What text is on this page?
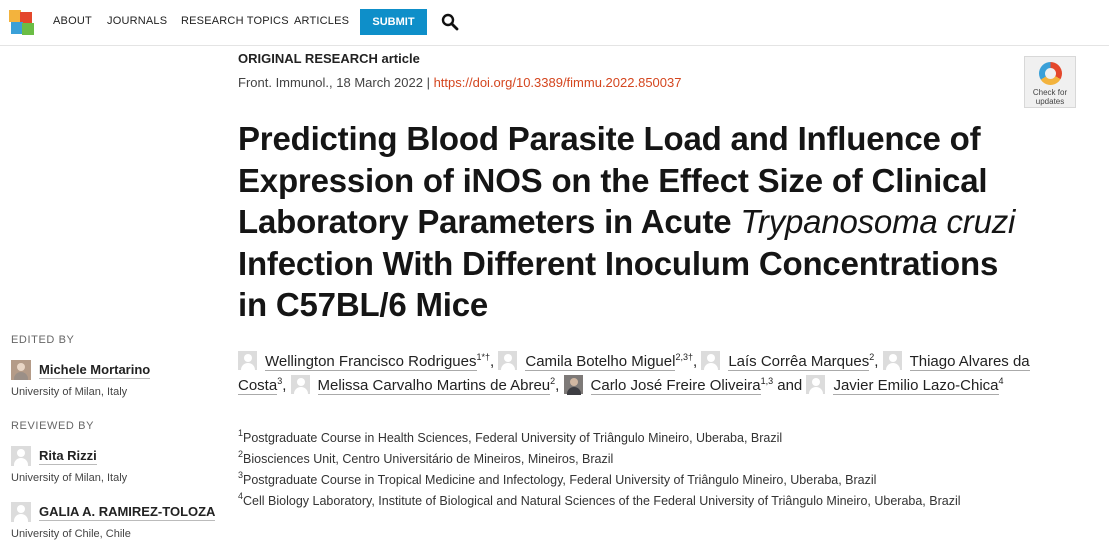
ABOUT JOURNALS RESEARCH TOPICS ARTICLES	SUBMIT
EDITED BY
Michele Mortarino
University of Milan, Italy
REVIEWED BY
Rita Rizzi
University of Milan, Italy
GALIA A. RAMIREZ-TOLOZA
University of Chile, Chile
ORIGINAL RESEARCH article
Front. Immunol., 18 March 2022 | https://doi.org/10.3389/fimmu.2022.850037
Check for updates
Predicting Blood Parasite Load and Influence of Expression of iNOS on the Effect Size of Clinical Laboratory Parameters in Acute Trypanosoma cruzi Infection With Different Inoculum Concentrations in C57BL/6 Mice
Wellington Francisco Rodrigues$^{1*\dagger}$, Camila Botelho Miguel$^{2,3\dagger}$, Laís Corrêa Marques$^2$, Thiago Alvares da Costa$^3$, Melissa Carvalho Martins de Abreu$^2$, Carlo José Freire Oliveira$^{1,3}$ and Javier Emilio Lazo-Chica$^4$
$^1$Postgraduate Course in Health Sciences, Federal University of Triângulo Mineiro, Uberaba, Brazil
$^2$Biosciences Unit, Centro Universitário de Mineiros, Mineiros, Brazil
$^3$Postgraduate Course in Tropical Medicine and Infectology, Federal University of Triângulo Mineiro, Uberaba, Brazil
$^4$Cell Biology Laboratory, Institute of Biological and Natural Sciences of the Federal University of Triângulo Mineiro, Uberaba, Brazil
